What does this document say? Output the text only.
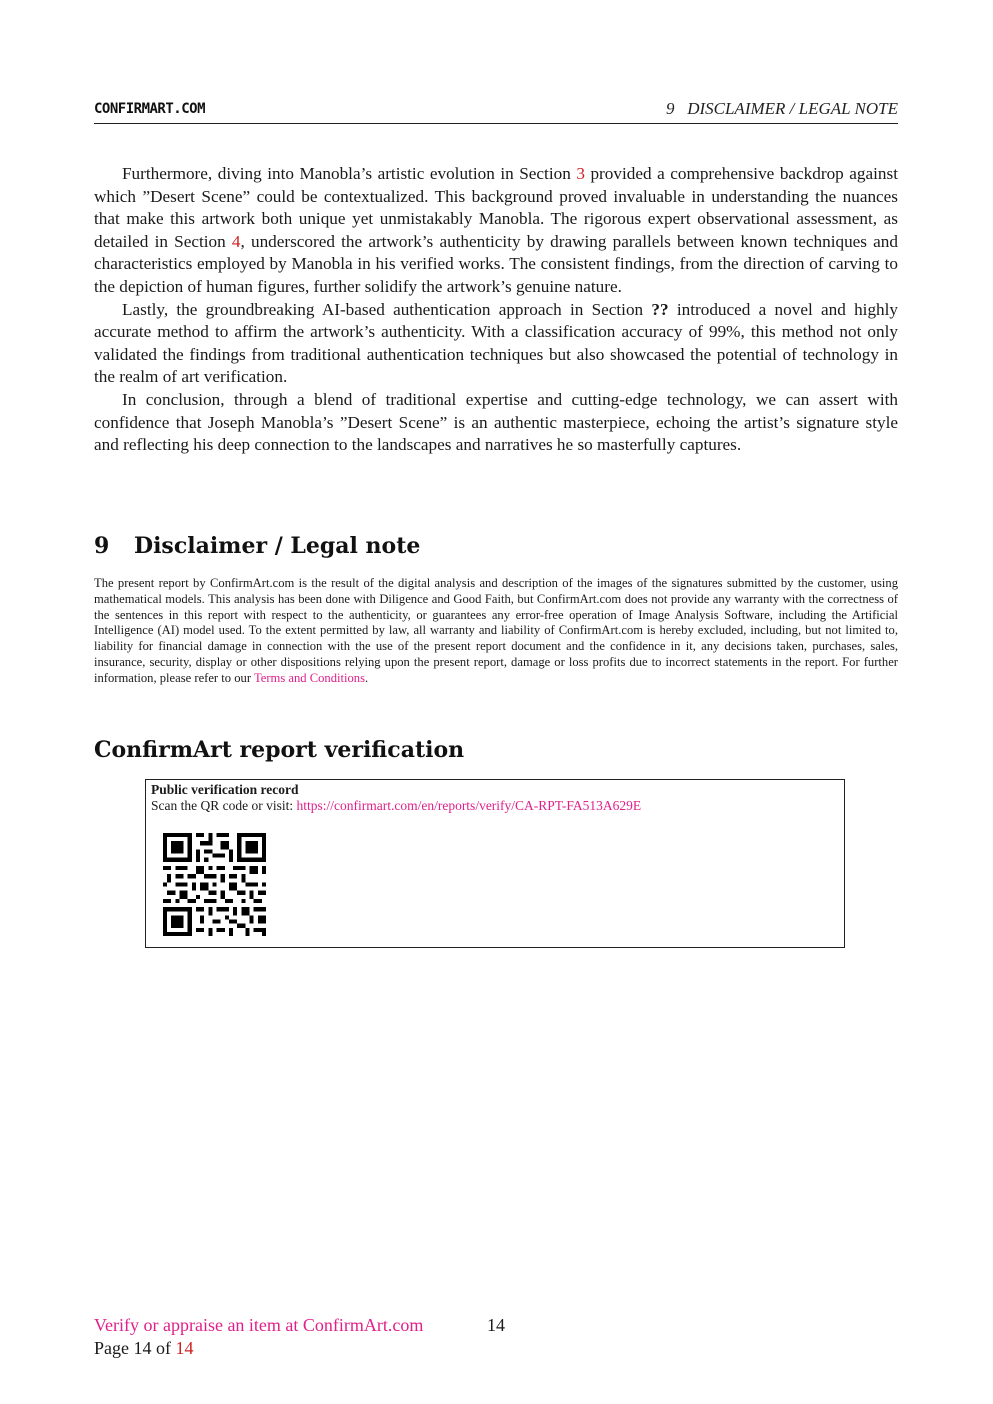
CONFIRMART.COM	9   DISCLAIMER / LEGAL NOTE

Furthermore, diving into Manobla’s artistic evolution in Section 3 provided a comprehensive backdrop against which ”Desert Scene” could be contextualized. This background proved invaluable in understanding the nuances that make this artwork both unique yet unmistakably Manobla. The rigorous expert observational assessment, as detailed in Section 4, underscored the artwork’s authenticity by drawing parallels between known techniques and characteristics employed by Manobla in his verified works. The consistent findings, from the direction of carving to the depiction of human figures, further solidify the artwork’s genuine nature.

Lastly, the groundbreaking AI-based authentication approach in Section ?? introduced a novel and highly accurate method to affirm the artwork’s authenticity. With a classification accuracy of 99%, this method not only validated the findings from traditional authentication techniques but also showcased the potential of technology in the realm of art verification.

In conclusion, through a blend of traditional expertise and cutting-edge technology, we can assert with confidence that Joseph Manobla’s ”Desert Scene” is an authentic masterpiece, echoing the artist’s signature style and reflecting his deep connection to the landscapes and narratives he so masterfully captures.

9 Disclaimer / Legal note

The present report by ConfirmArt.com is the result of the digital analysis and description of the images of the signatures submitted by the customer, using mathematical models. This analysis has been done with Diligence and Good Faith, but ConfirmArt.com does not provide any warranty with the correctness of the sentences in this report with respect to the authenticity, or guarantees any error-free operation of Image Analysis Software, including the Artificial Intelligence (AI) model used. To the extent permitted by law, all warranty and liability of ConfirmArt.com is hereby excluded, including, but not limited to, liability for financial damage in connection with the use of the present report document and the confidence in it, any decisions taken, purchases, sales, insurance, security, display or other dispositions relying upon the present report, damage or loss profits due to incorrect statements in the report. For further information, please refer to our Terms and Conditions.

ConfirmArt report verification
Public verification record
Scan the QR code or visit: https://confirmart.com/en/reports/verify/CA-RPT-FA513A629E
Verify or appraise an item at ConfirmArt.com	14
Page 14 of 14
